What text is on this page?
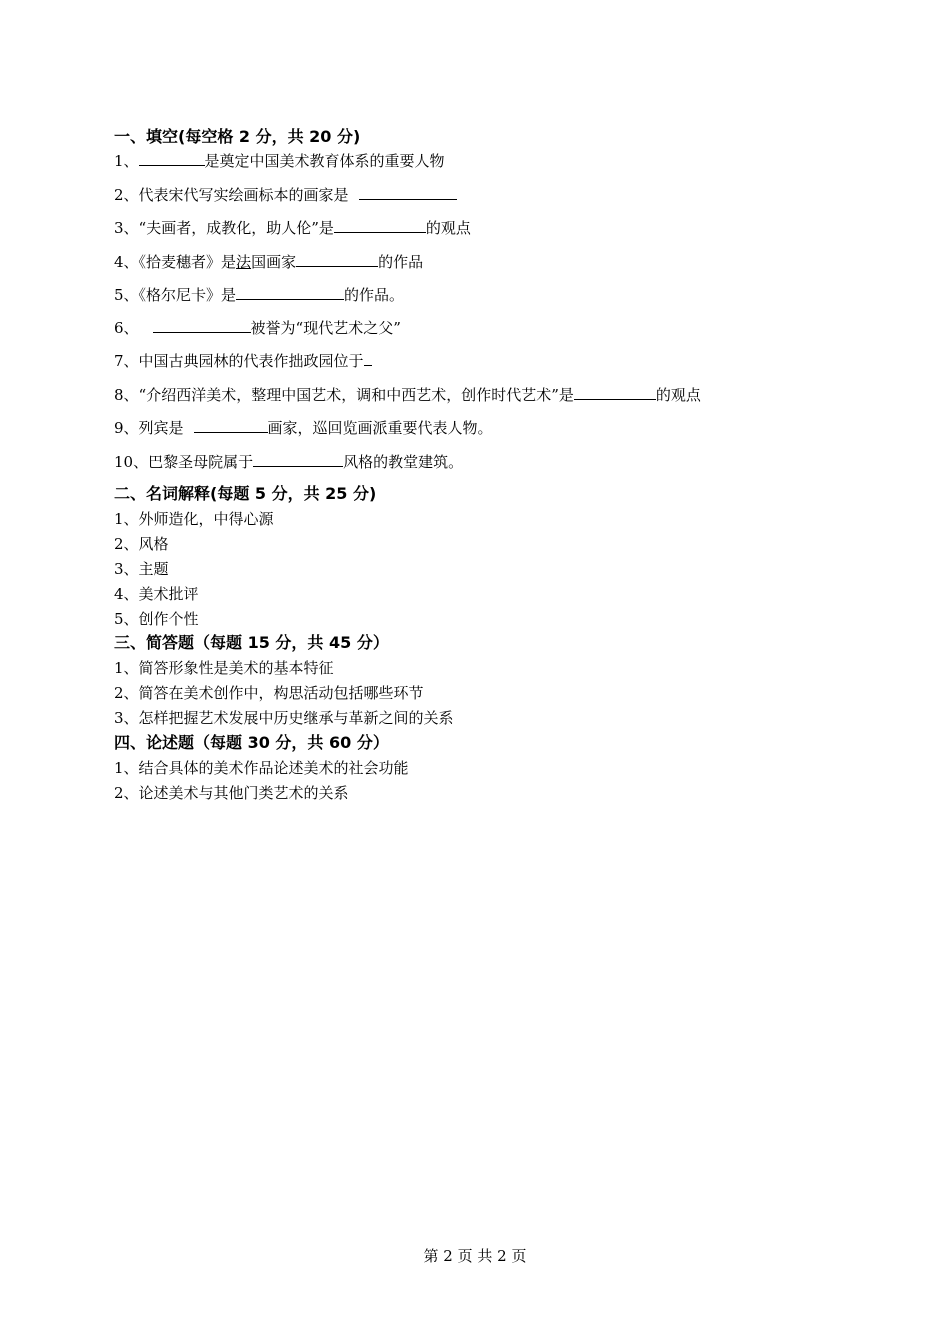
一、填空(每空格 2 分，共 20 分)
1、	是奠定中国美术教育体系的重要人物
2、代表宋代写实绘画标本的画家是
3、“夫画者，成教化，助人伦”是	的观点
4、《拾麦穗者》是法国画家	的作品
5、《格尔尼卡》是	的作品。
6、	被誉为“现代艺术之父”
7、中国古典园林的代表作拙政园位于
8、“介绍西洋美术，整理中国艺术，调和中西艺术，创作时代艺术”是	的观点
9、列宾是	画家，巡回览画派重要代表人物。
10、巴黎圣母院属于	风格的教堂建筑。
二、名词解释(每题 5 分，共 25 分)
1、外师造化，中得心源
2、风格
3、主题
4、美术批评
5、创作个性
三、简答题（每题 15 分，共 45 分）
1、简答形象性是美术的基本特征
2、简答在美术创作中，构思活动包括哪些环节
3、怎样把握艺术发展中历史继承与革新之间的关系
四、论述题（每题 30 分，共 60 分）
1、结合具体的美术作品论述美术的社会功能
2、论述美术与其他门类艺术的关系
第 2 页 共 2 页
